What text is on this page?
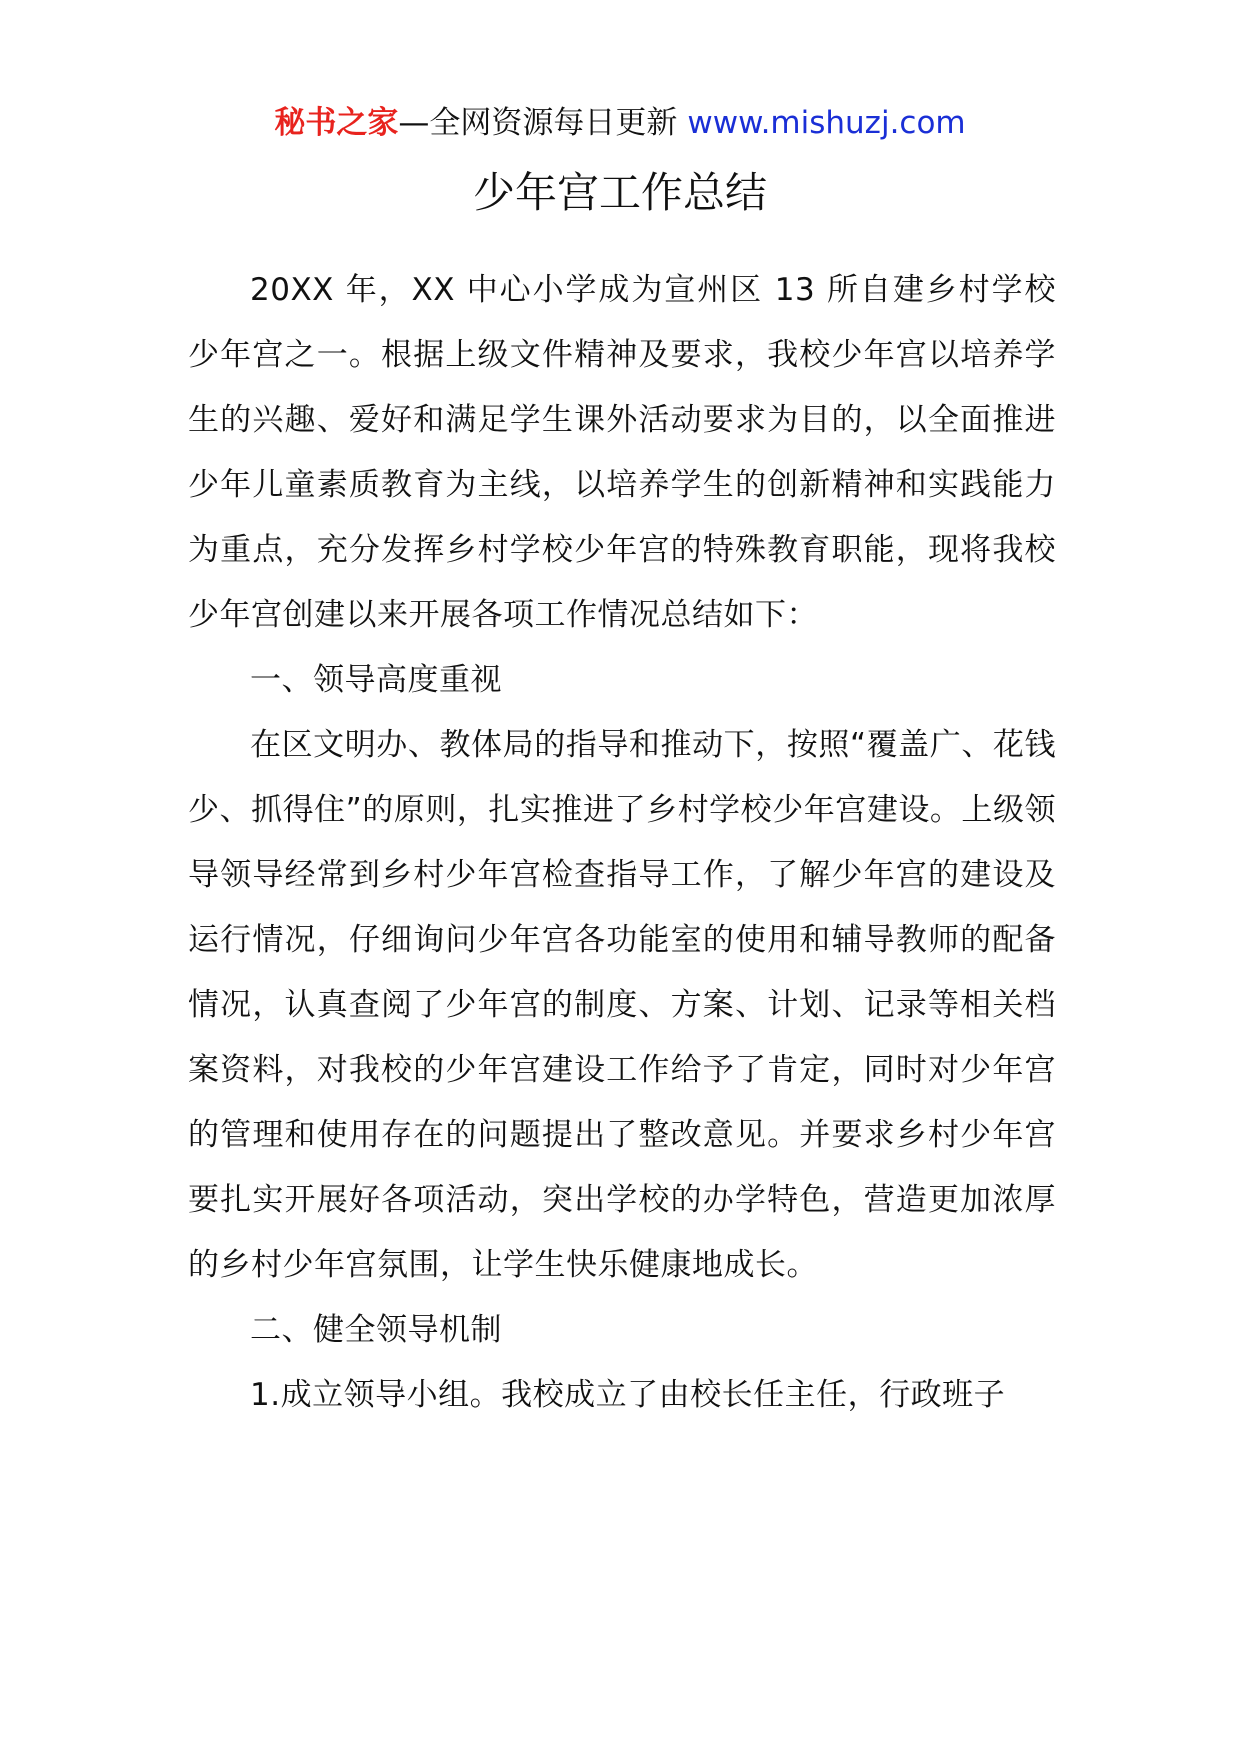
秘书之家—全网资源每日更新 www.mishuzj.com
少年宫工作总结

20XX 年，XX 中心小学成为宣州区 13 所自建乡村学校少年宫之一。根据上级文件精神及要求，我校少年宫以培养学生的兴趣、爱好和满足学生课外活动要求为目的，以全面推进少年儿童素质教育为主线，以培养学生的创新精神和实践能力为重点，充分发挥乡村学校少年宫的特殊教育职能，现将我校少年宫创建以来开展各项工作情况总结如下：

一、领导高度重视

在区文明办、教体局的指导和推动下，按照“覆盖广、花钱少、抓得住”的原则，扎实推进了乡村学校少年宫建设。上级领导领导经常到乡村少年宫检查指导工作，了解少年宫的建设及运行情况，仔细询问少年宫各功能室的使用和辅导教师的配备情况，认真查阅了少年宫的制度、方案、计划、记录等相关档案资料，对我校的少年宫建设工作给予了肯定，同时对少年宫的管理和使用存在的问题提出了整改意见。并要求乡村少年宫要扎实开展好各项活动，突出学校的办学特色，营造更加浓厚的乡村少年宫氛围，让学生快乐健康地成长。

二、健全领导机制

1.成立领导小组。我校成立了由校长任主任，行政班子
